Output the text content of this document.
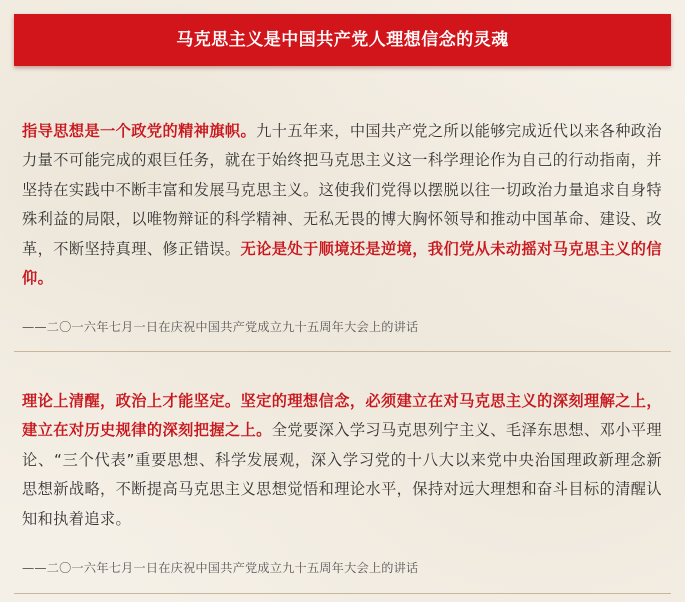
马克思主义是中国共产党人理想信念的灵魂
指导思想是一个政党的精神旗帜。九十五年来，中国共产党之所以能够完成近代以来各种政治力量不可能完成的艰巨任务，就在于始终把马克思主义这一科学理论作为自己的行动指南，并坚持在实践中不断丰富和发展马克思主义。这使我们党得以摆脱以往一切政治力量追求自身特殊利益的局限，以唯物辩证的科学精神、无私无畏的博大胸怀领导和推动中国革命、建设、改革，不断坚持真理、修正错误。无论是处于顺境还是逆境，我们党从未动摇对马克思主义的信仰。
——二〇一六年七月一日在庆祝中国共产党成立九十五周年大会上的讲话
理论上清醒，政治上才能坚定。坚定的理想信念，必须建立在对马克思主义的深刻理解之上，建立在对历史规律的深刻把握之上。全党要深入学习马克思列宁主义、毛泽东思想、邓小平理论、“三个代表”重要思想、科学发展观，深入学习党的十八大以来党中央治国理政新理念新思想新战略，不断提高马克思主义思想觉悟和理论水平，保持对远大理想和奋斗目标的清醒认知和执着追求。
——二〇一六年七月一日在庆祝中国共产党成立九十五周年大会上的讲话
